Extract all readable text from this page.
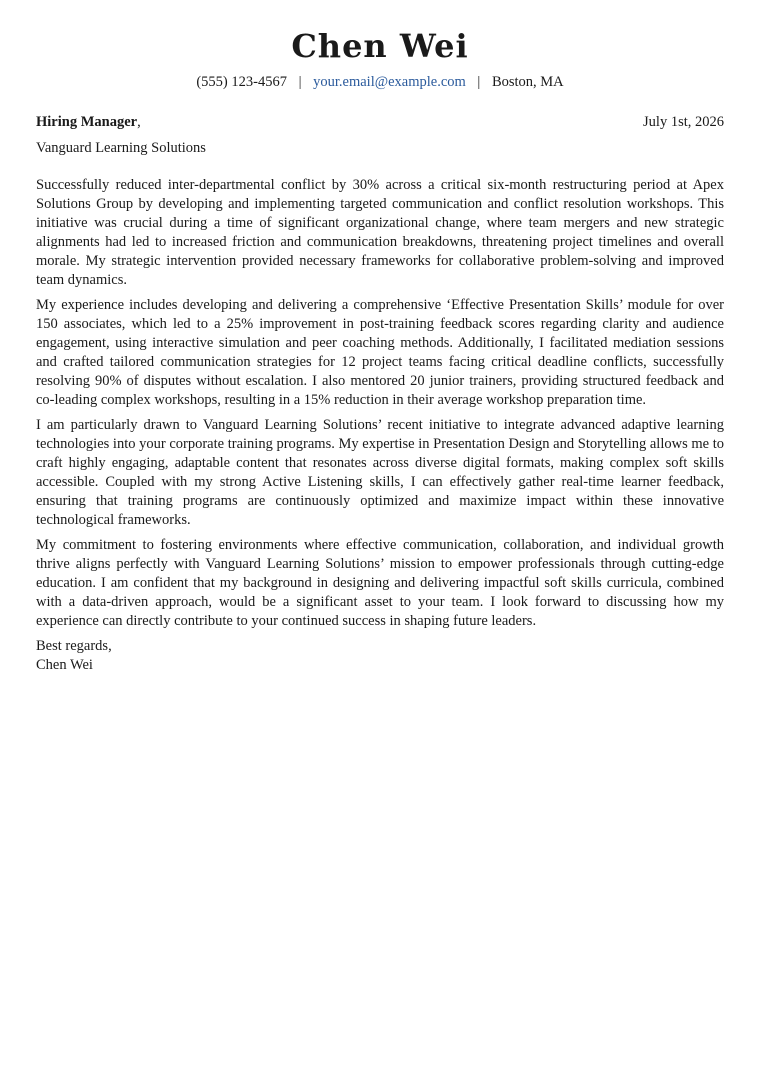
Chen Wei
(555) 123-4567 | your.email@example.com | Boston, MA
Hiring Manager,	July 1st, 2026
Vanguard Learning Solutions

Successfully reduced inter-departmental conflict by 30% across a critical six-month restructuring period at Apex Solutions Group by developing and implementing targeted communication and conflict resolution workshops. This initiative was crucial during a time of significant organizational change, where team mergers and new strategic alignments had led to increased friction and communication breakdowns, threatening project timelines and overall morale. My strategic intervention provided necessary frameworks for collaborative problem-solving and improved team dynamics.

My experience includes developing and delivering a comprehensive ‘Effective Presentation Skills’ module for over 150 associates, which led to a 25% improvement in post-training feedback scores regarding clarity and audience engagement, using interactive simulation and peer coaching methods. Additionally, I facilitated mediation sessions and crafted tailored communication strategies for 12 project teams facing critical deadline conflicts, successfully resolving 90% of disputes without escalation. I also mentored 20 junior trainers, providing structured feedback and co-leading complex workshops, resulting in a 15% reduction in their average workshop preparation time.

I am particularly drawn to Vanguard Learning Solutions’ recent initiative to integrate advanced adaptive learning technologies into your corporate training programs. My expertise in Presentation Design and Storytelling allows me to craft highly engaging, adaptable content that resonates across diverse digital formats, making complex soft skills accessible. Coupled with my strong Active Listening skills, I can effectively gather real-time learner feedback, ensuring that training programs are continuously optimized and maximize impact within these innovative technological frameworks.

My commitment to fostering environments where effective communication, collaboration, and individual growth thrive aligns perfectly with Vanguard Learning Solutions’ mission to empower professionals through cutting-edge education. I am confident that my background in designing and delivering impactful soft skills curricula, combined with a data-driven approach, would be a significant asset to your team. I look forward to discussing how my experience can directly contribute to your continued success in shaping future leaders.

Best regards,
Chen Wei
